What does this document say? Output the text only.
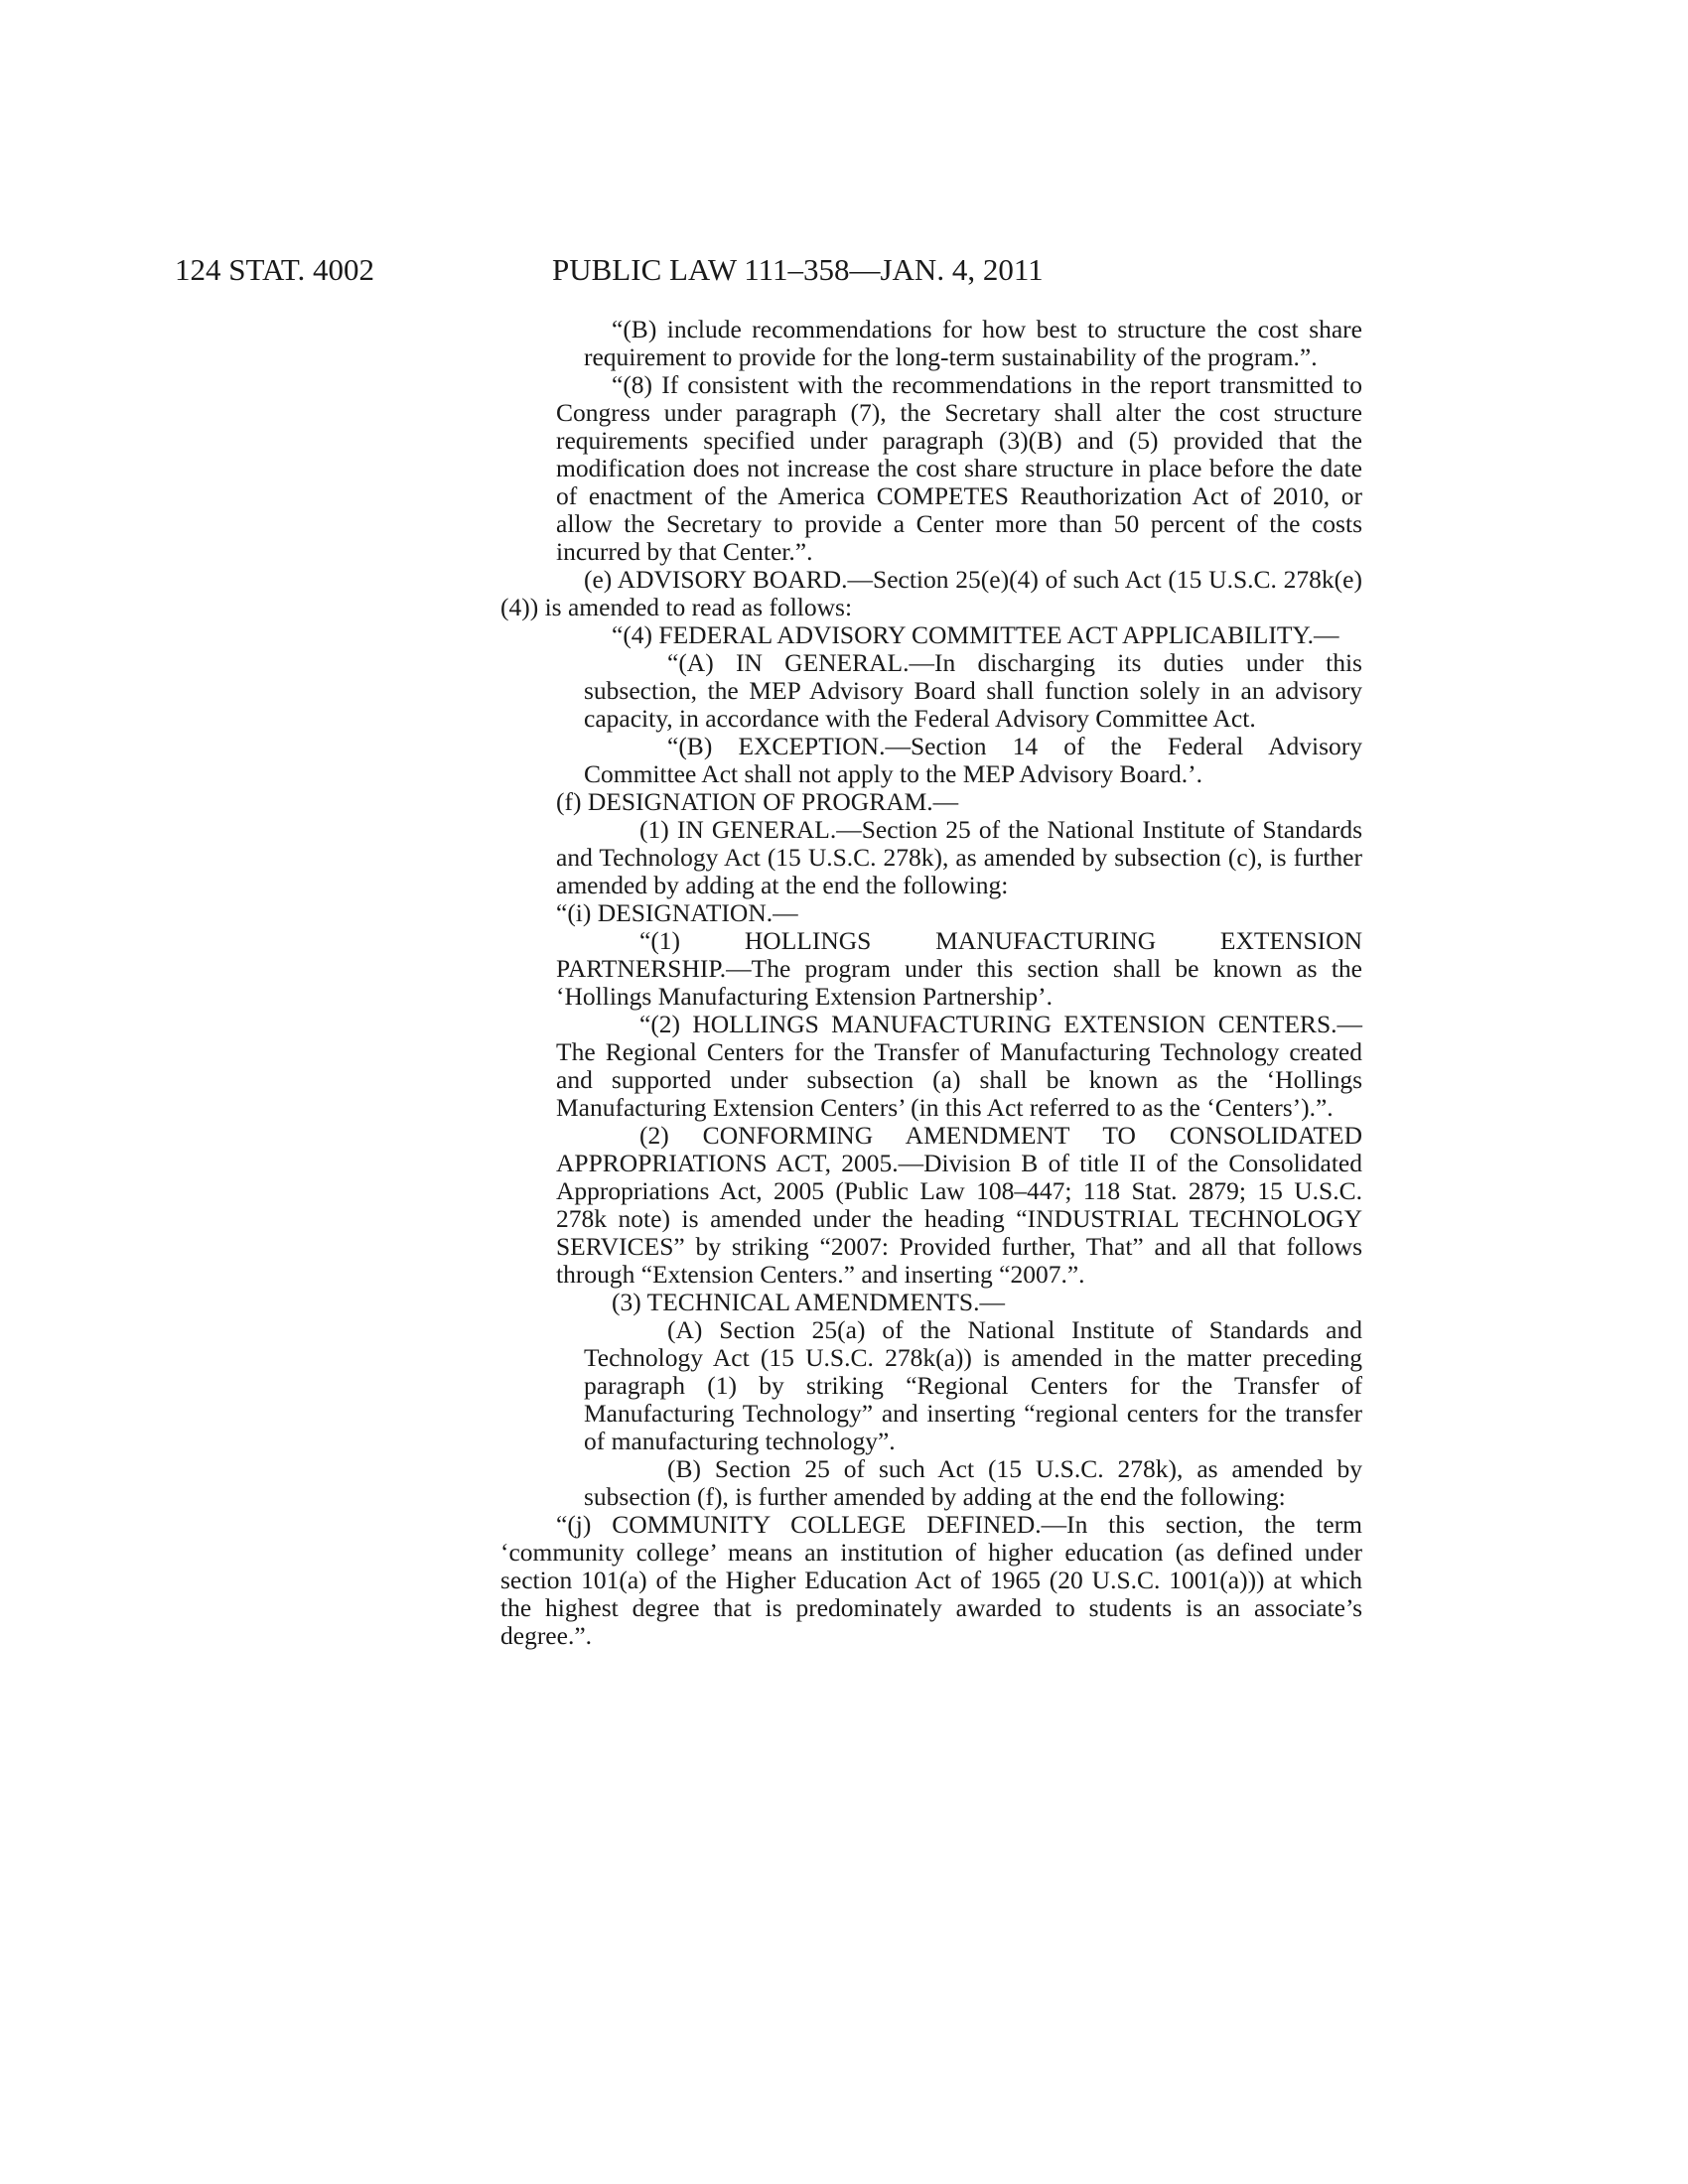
124 STAT. 4002	PUBLIC LAW 111–358—JAN. 4, 2011

“(B) include recommendations for how best to structure the cost share requirement to provide for the long-term sustainability of the program.”.

“(8) If consistent with the recommendations in the report transmitted to Congress under paragraph (7), the Secretary shall alter the cost structure requirements specified under paragraph (3)(B) and (5) provided that the modification does not increase the cost share structure in place before the date of enactment of the America COMPETES Reauthorization Act of 2010, or allow the Secretary to provide a Center more than 50 percent of the costs incurred by that Center.”.

(e) ADVISORY BOARD.—Section 25(e)(4) of such Act (15 U.S.C. 278k(e)(4)) is amended to read as follows:

“(4) FEDERAL ADVISORY COMMITTEE ACT APPLICABILITY.—

“(A) IN GENERAL.—In discharging its duties under this subsection, the MEP Advisory Board shall function solely in an advisory capacity, in accordance with the Federal Advisory Committee Act.

“(B) EXCEPTION.—Section 14 of the Federal Advisory Committee Act shall not apply to the MEP Advisory Board.’.

(f) DESIGNATION OF PROGRAM.—

(1) IN GENERAL.—Section 25 of the National Institute of Standards and Technology Act (15 U.S.C. 278k), as amended by subsection (c), is further amended by adding at the end the following:

“(i) DESIGNATION.—

“(1) HOLLINGS MANUFACTURING EXTENSION PARTNERSHIP.—The program under this section shall be known as the ‘Hollings Manufacturing Extension Partnership’.

“(2) HOLLINGS MANUFACTURING EXTENSION CENTERS.—The Regional Centers for the Transfer of Manufacturing Technology created and supported under subsection (a) shall be known as the ‘Hollings Manufacturing Extension Centers’ (in this Act referred to as the ‘Centers’).”.

(2) CONFORMING AMENDMENT TO CONSOLIDATED APPROPRIATIONS ACT, 2005.—Division B of title II of the Consolidated Appropriations Act, 2005 (Public Law 108–447; 118 Stat. 2879; 15 U.S.C. 278k note) is amended under the heading “INDUSTRIAL TECHNOLOGY SERVICES” by striking “2007: Provided further, That” and all that follows through “Extension Centers.” and inserting “2007.”.

(3) TECHNICAL AMENDMENTS.—

(A) Section 25(a) of the National Institute of Standards and Technology Act (15 U.S.C. 278k(a)) is amended in the matter preceding paragraph (1) by striking “Regional Centers for the Transfer of Manufacturing Technology” and inserting “regional centers for the transfer of manufacturing technology”.

(B) Section 25 of such Act (15 U.S.C. 278k), as amended by subsection (f), is further amended by adding at the end the following:

“(j) COMMUNITY COLLEGE DEFINED.—In this section, the term ‘community college’ means an institution of higher education (as defined under section 101(a) of the Higher Education Act of 1965 (20 U.S.C. 1001(a))) at which the highest degree that is predominately awarded to students is an associate’s degree.”.
